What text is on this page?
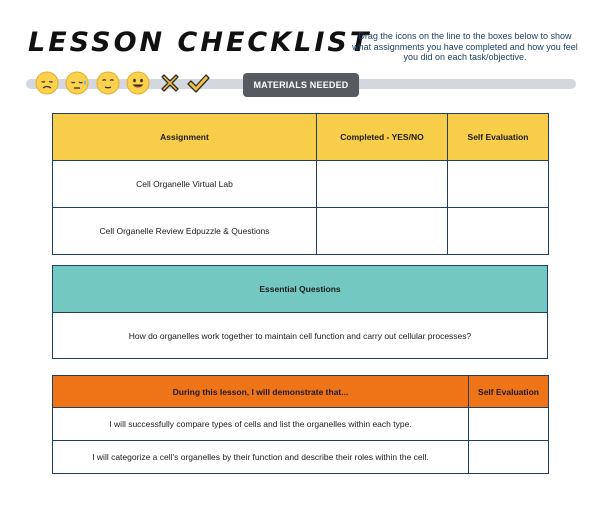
LESSON CHECKLIST
Drag the icons on the line to the boxes below to show what assignments you have completed and how you feel you did on each task/objective.
MATERIALS NEEDED
Assignment	Completed - YES/NO	Self Evaluation
Cell Organelle Virtual Lab		
Cell Organelle Review Edpuzzle & Questions		
Essential Questions
How do organelles work together to maintain cell function and carry out cellular processes?
During this lesson, I will demonstrate that...	Self Evaluation
I will successfully compare types of cells and list the organelles within each type.	
I will categorize a cell's organelles by their function and describe their roles within the cell.	
